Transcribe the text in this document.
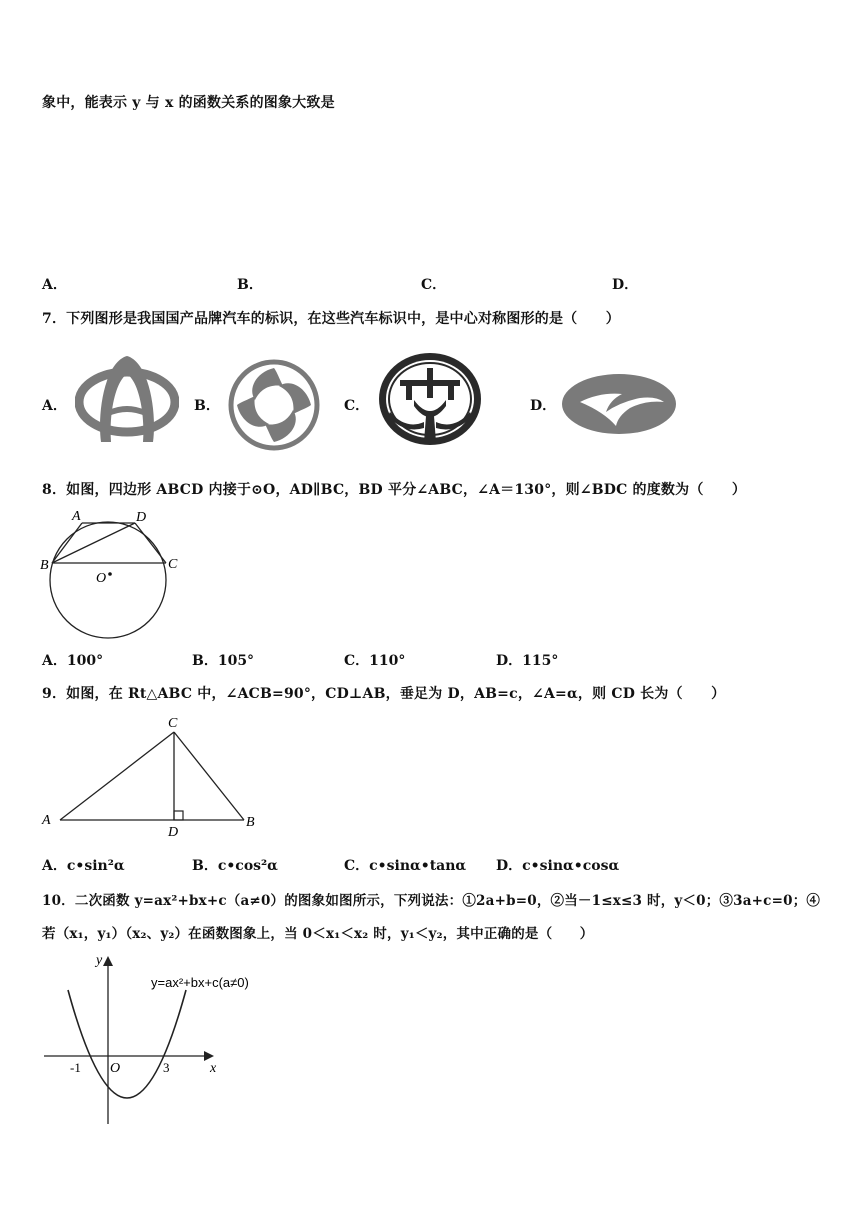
象中，能表示 y 与 x 的函数关系的图象大致是
A．	B．	C．	D．
7．下列图形是我国国产品牌汽车的标识，在这些汽车标识中，是中心对称图形的是（　　）
A．	B．	C．	D．
8．如图，四边形 ABCD 内接于⊙O，AD∥BC，BD 平分∠ABC，∠A＝130°，则∠BDC 的度数为（　　）
A	D
B	C
O
A．100°	B．105°	C．110°	D．115°
9．如图，在 Rt△ABC 中，∠ACB=90°，CD⊥AB，垂足为 D，AB=c，∠A=α，则 CD 长为（　　）
A
C
D
B
A．c•sin²α	B．c•cos²α	C．c•sinα•tanα D．c•sinα•cosα
10．二次函数 y=ax²+bx+c（a≠0）的图象如图所示，下列说法：①2a+b=0，②当－1≤x≤3 时，y＜0；③3a+c=0；④
若（x₁，y₁）（x₂、y₂）在函数图象上，当 0＜x₁＜x₂ 时，y₁＜y₂，其中正确的是（　　）
y
x
O
-1	3
y=ax²+bx+c(a≠0)
